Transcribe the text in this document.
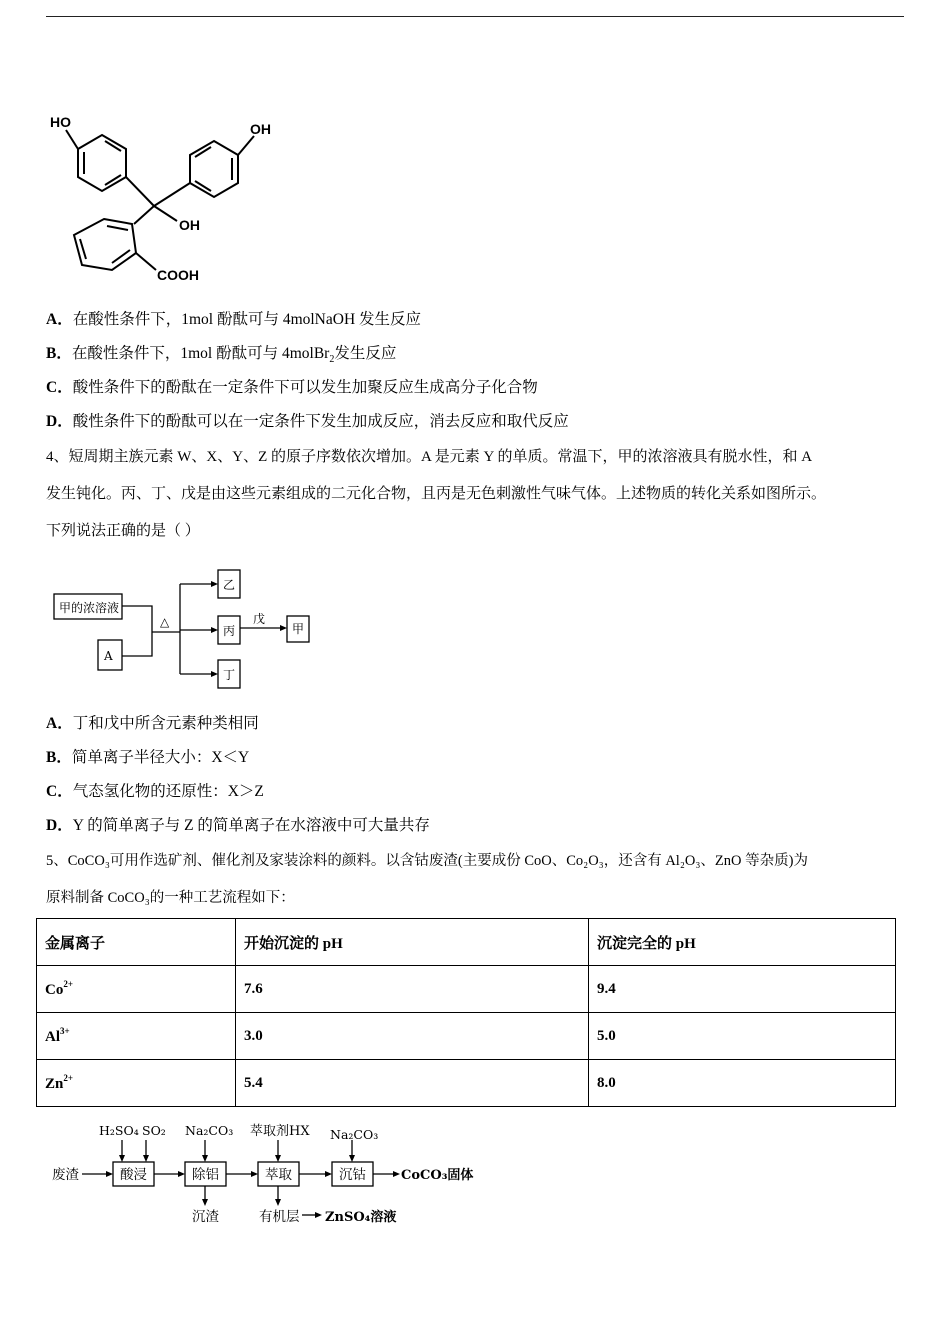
HO	OH
OH
COOH
A．在酸性条件下，1mol 酚酞可与 4molNaOH 发生反应
B．在酸性条件下，1mol 酚酞可与 4molBr$_2$发生反应
C．酸性条件下的酚酞在一定条件下可以发生加聚反应生成高分子化合物
D．酸性条件下的酚酞可以在一定条件下发生加成反应，消去反应和取代反应
4、短周期主族元素 W、X、Y、Z 的原子序数依次增加。A 是元素 Y 的单质。常温下，甲的浓溶液具有脱水性，和 A
发生钝化。丙、丁、戊是由这些元素组成的二元化合物，且丙是无色刺激性气味气体。上述物质的转化关系如图所示。
下列说法正确的是（ ）
甲的浓溶液
A
△
乙
丙
丁
戊
甲
A．丁和戊中所含元素种类相同
B．简单离子半径大小：X＜Y
C．气态氢化物的还原性：X＞Z
D．Y 的简单离子与 Z 的简单离子在水溶液中可大量共存
5、CoCO₃可用作选矿剂、催化剂及家装涂料的颜料。以含钴废渣(主要成份 CoO、Co₂O₃，还含有 Al₂O₃、ZnO 等杂质)为
原料制备 CoCO₃的一种工艺流程如下：
金属离子	开始沉淀的 pH	沉淀完全的 pH
$Co^{2+}$	7.6	9.4
$Al^{3+}$	3.0	5.0
$Zn^{2+}$	5.4	8.0
废渣	酸浸	除铝	萃取	沉钴	CoCO₃固体
H₂SO₄ SO₂ Na₂CO₃ 萃取剂HX Na₂CO₃
沉渣	有机层 ZnSO₄溶液
